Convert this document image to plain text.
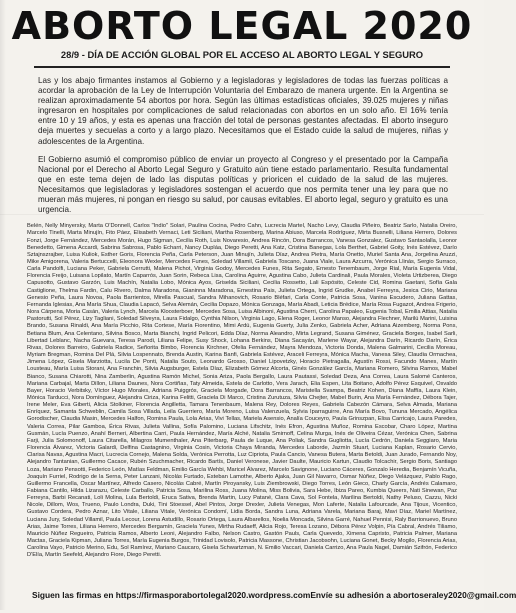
ABORTO LEGAL 2020
28/9 - DÍA DE ACCIÓN GLOBAL POR EL ACCESO AL ABORTO LEGAL Y SEGURO

Las y los abajo firmantes instamos al Gobierno y a legisladoras y legisladores de todas las fuerzas políticas a acordar la aprobación de la Ley de Interrupción Voluntaria del Embarazo de manera urgente. En la Argentina se realizan aproximadamente 54 abortos por hora. Según las últimas estadísticas oficiales, 39.025 mujeres y niñas ingresaron en hospitales por complicaciones de salud relacionadas con abortos en un solo año. El 16% tenía entre 10 y 19 años, y esta es apenas una fracción del total de personas gestantes afectadas. El aborto inseguro deja muertes y secuelas a corto y a largo plazo. Necesitamos que el Estado cuide la salud de mujeres, niñas y adolescentes de la Argentina.

El Gobierno asumió el compromiso público de enviar un proyecto al Congreso y el presentado por la Campaña Nacional por el Derecho al Aborto Legal Seguro y Gratuito aún tiene estado parlamentario. Resulta fundamental que en este tema dejen de lado las disputas políticas y prioricen el cuidado de la salud de las mujeres. Necesitamos que legisladoras y legisladores sostengan el acuerdo que nos permita tener una ley para que no mueran más mujeres, ni pongan en riesgo su salud, por causas evitables. El aborto legal, seguro y gratuito es una urgencia.

Belén, Nelly Minyersky, Marta O'Donnell, Carlos "Indio" Solari, Paulina Cocina, Pedro Cahn, Lucrecia Martel, Nacho Levy, Claudia Piñeiro, Beatriz Sarlo, Natalia Oreiro, Marcelo Tinelli, Marta Minujín, Fito Páez, Elisabeth Vernaci, Leti Siciliani, Martha Rosenberg, Marina Abiuso, Marcela Rodríguez, Mirta Busnelli, Liliana Herrero, Dolores Fonzi, Jorge Fernández, Mercedes Morán, Hugo Sigman, Cecilia Roth, Luis Novaresio, Andrea Rincón, Dora Barrancos, Vanesa Gonzalez, Gustavo Santaolalla, Leonor Benedetto, Gimena Accardi, Sabrina Sabrosa, Pablo Echarri, Nancy Dupláa, Diego Peretti, Ana Katz, Cristina Banegas, Lola Berthet, Gabriel Goity, Inés Estévez, Darío Sztajnszrajber, Luisa Kuliok, Esther Goris, Florencia Peña, Carla Peterson, Juan Minujín, Julieta Díaz, Andrea Pietra, María Onetto, Muriel Santa Ana, Jorgelina Aruzzi, Mike Amigorena, Valeria Bertuccelli, Eleonora Wexler, Mercedes Funes, Soledad Villamil, Gabriela Toscano, Juana Viale, Laura Azcurra, Verónica Llinás, Sergio Surraco, Carla Pandolfi, Luciana Peker, Gabriela Cerrutti, Malena Pichot, Virginia Godoy, Mercedes Funes, Rita Segato, Ernesto Tenembaum, Jorge Rial, María Eugenia Vidal, Florencia Freijo, Luisana Lopilato, Martín Caparrós, Juan Sorin, Rebeca Lisa, Carolina Aguirre, Agustina Cabo, Julieta Cardinali, Paula Morales, Violeta Urtizberea, Diego Capusotto, Gustavo Garzón, Luis Machín, Natalia Lobo, Mónica Ayos, Griselda Siciliani, Cecilia Rossetto, Lali Espósito, Celeste Cid, Romina Gaetani, Sofía Gala Castiglione, Thelma Fardin, Calu Rivero, Dalma Maradona, Gianinna Maradona, Ernestina Pais, Julieta Ortega, Ingrid Grudke, Anabel Ferreyra, Jesica Cirio, Mariana Genesio Peña, Laura Novoa, Paola Barrientos, Mirella Pascual, Sandra Mihanovich, Rosario Bléfari, Carla Conte, Patricia Sosa, Vanina Escudero, Juliana Gattas, Fernanda Iglesias, Ana María Shua, Claudia Lapacó, Selva Alemán, Cecilia Dopazo, Mónica Gonzaga, María Abadi, Leticia Brédice, María Rosa Fugazot, Andrea Frigerio, Nora Cárpena, Moria Casán, Valeria Lynch, Marcela Kloosterboer, Mercedes Sosa, Luisa Albinoni, Agustina Cherri, Carolina Papaleo, Eugenia Tobal, Emilia Attias, Natalia Pastorutti, Sol Pérez, Lizy Tagliani, Soledad Silveyra, Laura Fidalgo, Cynthia Nilson, Virginia Lago, Elena Roger, Leonor Manso, Alejandra Flechner, Marilú Marini, Luisina Brando, Susana Rinaldi, Ana María Picchio, Rita Cortese, María Fiorentino, Mimi Ardú, Eugenia Guerty, Julia Zenko, Gabriela Acher, Adriana Aizemberg, Norma Pons, Betiana Blum, Ana Celentano, Silvina Bosco, Marta Bianchi, Ingrid Pelicori, Edda Díaz, Norma Aleandro, Mirta Legrand, Susana Giménez, Graciela Borges, Isabel Sarli, Libertad Leblanc, Nacha Guevara, Teresa Parodi, Liliana Felipe, Susy Shock, Lohana Berkins, Diana Sacayán, Marlene Wayar, Alejandra Darín, Ricardo Darín, Érica Rivas, Dolores Barreiro, Gabriela Radice, Señorita Bimbo, Florencia Kirchner, Ofelia Fernández, Mayra Mendoza, Victoria Donda, Malena Galmarini, Cecilia Moreau, Myriam Bregman, Romina Del Plá, Silvia Lospennato, Brenda Austin, Karina Banfi, Gabriela Estévez, Araceli Ferreyra, Mónica Macha, Vanesa Siley, Claudia Ormachea, Jimena López, Gisela Marziotta, Lucila De Ponti, Natalia Souto, Leonardo Grosso, Daniel Lipovetzky, Horacio Pietragalla, Agustín Rossi, Facundo Manes, Martín Lousteau, María Luisa Storani, Ana Franchin, Silvia Augsburger, Estela Díaz, Elizabeth Gómez Alcorta, Ginés González García, Mariana Romero, Silvina Ramos, Mabel Bianco, Susana Chiarotti, Nina Zamberlin, Agustina Ramón Michel, Sonia Ariza, Paola Bergallo, Laura Pautassi, Soledad Deza, Ana Correa, Laura Salomé Canteros, Mariana Carbajal, Marta Dillon, Liliana Daunes, Nora Cortiñas, Taty Almeida, Estela de Carlotto, Vera Jarach, Elia Espen, Lita Boitano, Adolfo Pérez Esquivel, Osvaldo Bayer, Horacio Verbitsky, Víctor Hugo Morales, Adriana Puiggrós, Graciela Morgade, Dora Barrancos, Maristella Svampa, Beatriz Kohen, Diana Maffía, Laura Klein, Mónica Tarducci, Nora Domínguez, Alejandra Ciriza, Karina Felitti, Graciela Di Marco, Cristina Zurutuza, Silvia Chejter, Mabel Burin, Ana María Fernández, Débora Tajer, Irene Meler, Eva Giberti, Alicia Stolkiner, Florencia Angilletta, Tamara Tenenbaum, Malena Rey, Dolores Reyes, Gabriela Cabezón Cámara, Selva Almada, Mariana Enríquez, Samanta Schweblin, Camila Sosa Villada, Leila Guerriero, María Moreno, Luisa Valenzuela, Sylvia Iparraguirre, Ana María Bovo, Tununa Mercado, Angélica Gorodischer, Claudia Masin, Mercedes Halfon, Romina Paula, Lola Arias, Vivi Tellas, Mariela Asensio, Analía Couceyro, Paula Grinszpan, Elisa Carricajo, Laura Paredes, Valeria Correa, Pilar Gamboa, Érica Rivas, Julieta Vallina, Sofía Palomino, Luciana Lifschitz, Inés Efron, Agustina Muñoz, Romina Escobar, Charo López, Martina Gusmán, Lucía Puenzo, Anahí Berneri, Albertina Carri, Paula Hernández, María Alché, Natalia Smirnoff, Celina Murga, Inés de Oliveira Cézar, Verónica Chen, Sabrina Farji, Julia Solomonoff, Laura Citarella, Milagros Mumenthaler, Ana Piterbarg, Paula de Luque, Ana Poliak, Sandra Gugliotta, Lucía Cedrón, Daniela Seggiaro, Maria Florencia Álvarez, Victoria Galardi, Delfina Castagnino, Virginia Cosin, Victoria Chaya Miranda, Mercedes Laborde, Jazmín Stuart, Luciana Kaplan, Rosario Cervio, Clarisa Navas, Agustina Macri, Lucrecia Cornejo, Malena Solda, Verónica Perrotta, Luz Cipriota, Paula Cancio, Vanesa Butera, Marta Betoldi, Juan Jurado, Fernando Noy, Alejandro Tantanian, Guillermo Cacace, Rubén Szuchmacher, Ricardo Bartís, Daniel Veronese, Javier Daulte, Mauricio Kartun, Claudio Tolcachir, Sergio Boris, Santiago Loza, Mariano Pensotti, Federico León, Matías Feldman, Emilio García Wehbi, Maricel Álvarez, Marcelo Savignone, Luciano Cáceres, Gonzalo Heredia, Benjamín Vicuña, Joaquín Furriel, Rodrigo de la Serna, Peter Lanzani, Nicolás Furtado, Esteban Lamothe, Alberto Ajaka, Juan Gil Navarro, Osmar Núñez, Diego Velázquez, Pablo Rago, Guillermo Francella, Oscar Martínez, Alfredo Casero, Nicolás Cabré, Martín Piroyansky, Luis Ziembrowski, Diego Torres, León Gieco, Charly García, Andrés Calamaro, Fabiana Cantilo, Hilda Lizarazu, Celeste Carballo, Patricia Sosa, Marilina Ross, Juana Molina, Miss Bolivia, Sara Hebe, Ibiza Pareo, Kumbia Queers, Nati Sinewan, Paz Ferreyra, Barbi Recanati, Loli Molina, Lula Bertoldi, Eruca Sativa, Brenda Martin, Lucy Patané, Clara Cava, Sol Fontela, Marilina Bertoldi, Nathy Peluso, Cazzu, Nicki Nicole, Dillom, Wos, Trueno, Paulo Londra, Duki, Tini Stoessel, Abel Pintos, Jorge Drexler, Julieta Venegas, Mon Laferte, Natalia Lafourcade, Ana Tijoux, Vicentico, Gustavo Cordera, Pedro Aznar, Lito Vitale, Liliana Vitale, Verónica Condomí, Lidia Borda, Sandra Luna, Adriana Varela, Mariana Baraj, Mavi Díaz, Mariel Martínez, Luciana Jury, Soledad Villamil, Paula Lecour, Lorena Astudillo, Rosario Ortega, Laura Albarellos, Noelia Moncada, Silvina Garré, Nahuel Pennisi, Raly Barrionuevo, Bruno Arias, Jaime Torres, Liliana Herrero, Mercedes Bergamín, Graciela Yunes, Mirtha Rudaeff, Alicia Rojo, Teresa Lozano, Débora Pérez Volpin, Pía Cabral, Andrés Tiliamo, Mauricio Núñez Regueiro, Patricia Ramos, Alberto Leoni, Alejandro Falbo, Nelson Castro, Gastón Pauls, Carla Quevedo, Ximena Capristo, Patricia Palmer, Mariana Mactas, Graciela Kipman, Juliana Torres, María Eugenia Burgos, Trinidad Lovisolo, Patricia Massone, Christian Jacobsohn, Luciana Gonet, Becky Mogilo, Florencia Arias, Carolina Vayo, Patricio Merino, Edu, Sol Ramírez, Mariano Caucaro, Gisela Schwartzman, N. Emilio Vaccari, Daniela Carrizo, Ana Paula Nagel, Damián Szifrón, Federico D'Elía, Martín Seefeld, Alejandro Fiore, Diego Peretti.
Siguen las firmas en https://firmasporabortolegal2020.wordpress.com Envíe su adhesión a abortoseraley2020@gmail.com
